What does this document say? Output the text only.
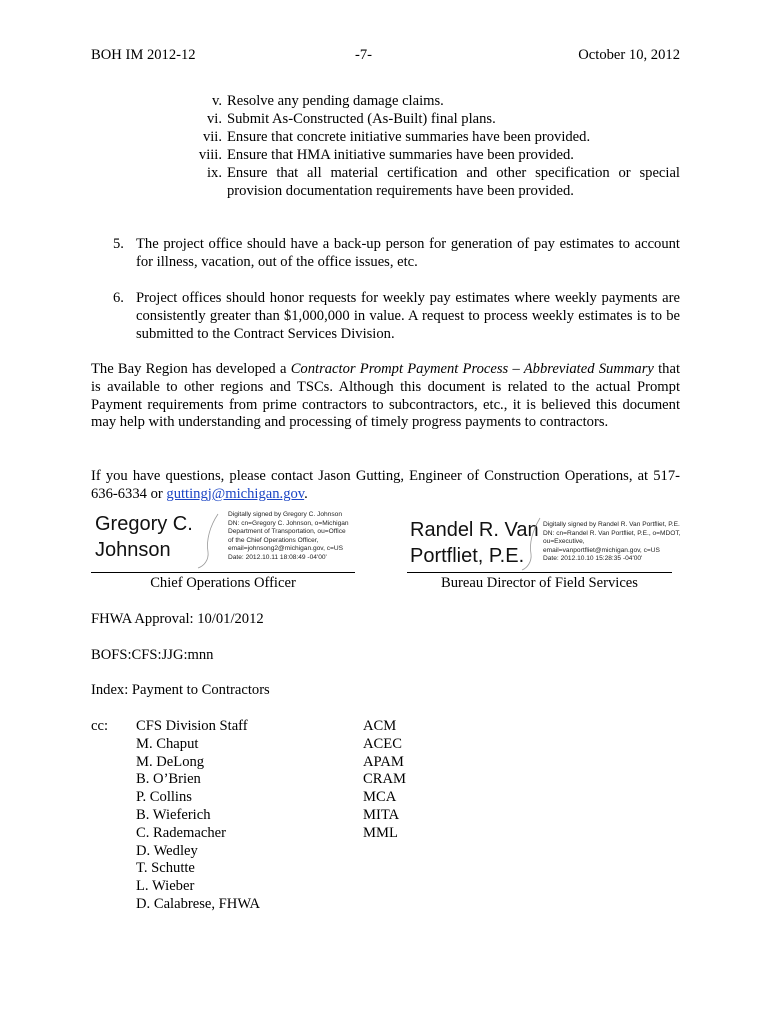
BOH IM 2012-12	-7-	October 10, 2012
v. Resolve any pending damage claims.
vi. Submit As-Constructed (As-Built) final plans.
vii. Ensure that concrete initiative summaries have been provided.
viii. Ensure that HMA initiative summaries have been provided.
ix. Ensure that all material certification and other specification or special provision documentation requirements have been provided.
5. The project office should have a back-up person for generation of pay estimates to account for illness, vacation, out of the office issues, etc.
6. Project offices should honor requests for weekly pay estimates where weekly payments are consistently greater than $1,000,000 in value. A request to process weekly estimates is to be submitted to the Contract Services Division.
The Bay Region has developed a Contractor Prompt Payment Process – Abbreviated Summary that is available to other regions and TSCs. Although this document is related to the actual Prompt Payment requirements from prime contractors to subcontractors, etc., it is believed this document may help with understanding and processing of timely progress payments to contractors.
If you have questions, please contact Jason Gutting, Engineer of Construction Operations, at 517-636-6334 or guttingj@michigan.gov.
Gregory C.
Johnson
Digitally signed by Gregory C. Johnson
DN: cn=Gregory C. Johnson, o=Michigan
Department of Transportation, ou=Office
of the Chief Operations Officer,
email=johnsong2@michigan.gov, c=US
Date: 2012.10.11 18:08:49 -04'00'
Chief Operations Officer
Randel R. Van
Portfliet, P.E.
Digitally signed by Randel R. Van Portfliet, P.E.
DN: cn=Randel R. Van Portfliet, P.E., o=MDOT,
ou=Executive,
email=vanportfliet@michigan.gov, c=US
Date: 2012.10.10 15:28:35 -04'00'
Bureau Director of Field Services
FHWA Approval: 10/01/2012
BOFS:CFS:JJG:mnn
Index: Payment to Contractors
cc: CFS Division Staff
M. Chaput
M. DeLong
B. O’Brien
P. Collins
B. Wieferich
C. Rademacher
D. Wedley
T. Schutte
L. Wieber
D. Calabrese, FHWA
ACM
ACEC
APAM
CRAM
MCA
MITA
MML
